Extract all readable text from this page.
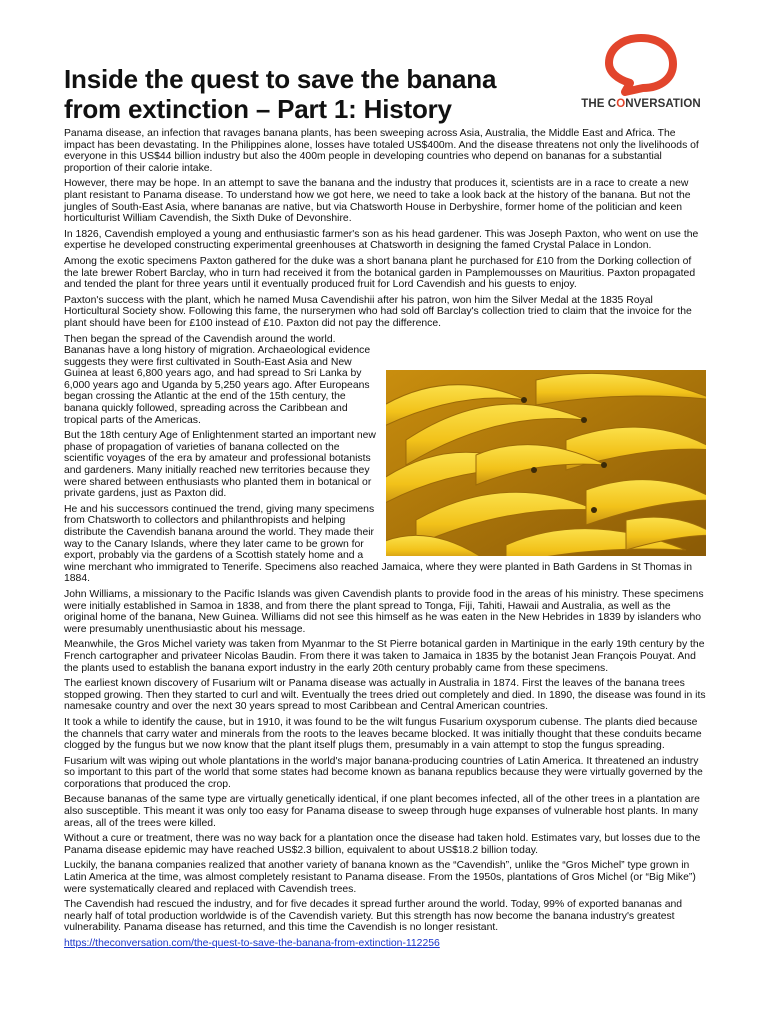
Inside the quest to save the banana from extinction – Part 1: History	THE CONVERSATION

Panama disease, an infection that ravages banana plants, has been sweeping across Asia, Australia, the Middle East and Africa. The impact has been devastating. In the Philippines alone, losses have totaled US$400m. And the disease threatens not only the livelihoods of everyone in this US$44 billion industry but also the 400m people in developing countries who depend on bananas for a substantial proportion of their calorie intake.

However, there may be hope. In an attempt to save the banana and the industry that produces it, scientists are in a race to create a new plant resistant to Panama disease. To understand how we got here, we need to take a look back at the history of the banana. But not the jungles of South-East Asia, where bananas are native, but via Chatsworth House in Derbyshire, former home of the politician and keen horticulturist William Cavendish, the Sixth Duke of Devonshire.

In 1826, Cavendish employed a young and enthusiastic farmer's son as his head gardener. This was Joseph Paxton, who went on use the expertise he developed constructing experimental greenhouses at Chatsworth in designing the famed Crystal Palace in London.

Among the exotic specimens Paxton gathered for the duke was a short banana plant he purchased for £10 from the Dorking collection of the late brewer Robert Barclay, who in turn had received it from the botanical garden in Pamplemousses on Mauritius. Paxton propagated and tended the plant for three years until it eventually produced fruit for Lord Cavendish and his guests to enjoy.

Paxton's success with the plant, which he named Musa Cavendishii after his patron, won him the Silver Medal at the 1835 Royal Horticultural Society show. Following this fame, the nurserymen who had sold off Barclay's collection tried to claim that the invoice for the plant should have been for £100 instead of £10. Paxton did not pay the difference.

Then began the spread of the Cavendish around the world. Bananas have a long history of migration. Archaeological evidence suggests they were first cultivated in South-East Asia and New Guinea at least 6,800 years ago, and had spread to Sri Lanka by 6,000 years ago and Uganda by 5,250 years ago. After Europeans began crossing the Atlantic at the end of the 15th century, the banana quickly followed, spreading across the Caribbean and tropical parts of the Americas.

But the 18th century Age of Enlightenment started an important new phase of propagation of varieties of banana collected on the scientific voyages of the era by amateur and professional botanists and gardeners. Many initially reached new territories because they were shared between enthusiasts who planted them in botanical or private gardens, just as Paxton did.

He and his successors continued the trend, giving many specimens from Chatsworth to collectors and philanthropists and helping distribute the Cavendish banana around the world. They made their way to the Canary Islands, where they later came to be grown for export, probably via the gardens of a Scottish stately home and a wine merchant who immigrated to Tenerife. Specimens also reached Jamaica, where they were planted in Bath Gardens in St Thomas in 1884.

John Williams, a missionary to the Pacific Islands was given Cavendish plants to provide food in the areas of his ministry. These specimens were initially established in Samoa in 1838, and from there the plant spread to Tonga, Fiji, Tahiti, Hawaii and Australia, as well as the original home of the banana, New Guinea. Williams did not see this himself as he was eaten in the New Hebrides in 1839 by islanders who were presumably unenthusiastic about his message.

Meanwhile, the Gros Michel variety was taken from Myanmar to the St Pierre botanical garden in Martinique in the early 19th century by the French cartographer and privateer Nicolas Baudin. From there it was taken to Jamaica in 1835 by the botanist Jean François Pouyat. And the plants used to establish the banana export industry in the early 20th century probably came from these specimens.

The earliest known discovery of Fusarium wilt or Panama disease was actually in Australia in 1874. First the leaves of the banana trees stopped growing. Then they started to curl and wilt. Eventually the trees dried out completely and died. In 1890, the disease was found in its namesake country and over the next 30 years spread to most Caribbean and Central American countries.

It took a while to identify the cause, but in 1910, it was found to be the wilt fungus Fusarium oxysporum cubense. The plants died because the channels that carry water and minerals from the roots to the leaves became blocked. It was initially thought that these conduits became clogged by the fungus but we now know that the plant itself plugs them, presumably in a vain attempt to stop the fungus spreading.

Fusarium wilt was wiping out whole plantations in the world's major banana-producing countries of Latin America. It threatened an industry so important to this part of the world that some states had become known as banana republics because they were virtually governed by the corporations that produced the crop.

Because bananas of the same type are virtually genetically identical, if one plant becomes infected, all of the other trees in a plantation are also susceptible. This meant it was only too easy for Panama disease to sweep through huge expanses of vulnerable host plants. In many areas, all of the trees were killed.

Without a cure or treatment, there was no way back for a plantation once the disease had taken hold. Estimates vary, but losses due to the Panama disease epidemic may have reached US$2.3 billion, equivalent to about US$18.2 billion today.

Luckily, the banana companies realized that another variety of banana known as the “Cavendish”, unlike the “Gros Michel” type grown in Latin America at the time, was almost completely resistant to Panama disease. From the 1950s, plantations of Gros Michel (or “Big Mike”) were systematically cleared and replaced with Cavendish trees.

The Cavendish had rescued the industry, and for five decades it spread further around the world. Today, 99% of exported bananas and nearly half of total production worldwide is of the Cavendish variety. But this strength has now become the banana industry's greatest vulnerability. Panama disease has returned, and this time the Cavendish is no longer resistant.

https://theconversation.com/the-quest-to-save-the-banana-from-extinction-112256
